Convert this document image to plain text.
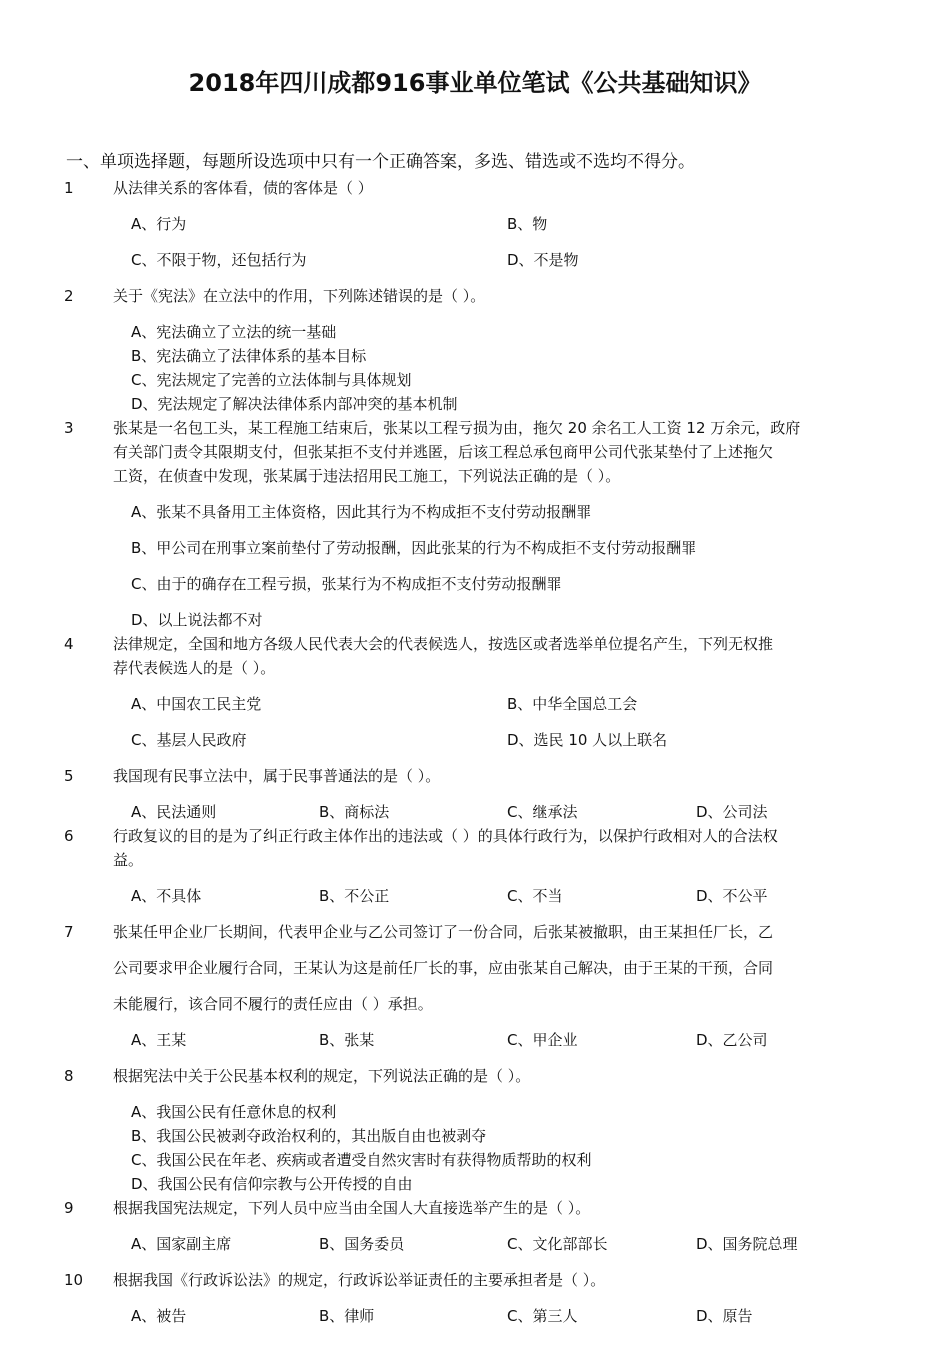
2018年四川成都916事业单位笔试《公共基础知识》
一、单项选择题，每题所设选项中只有一个正确答案，多选、错选或不选均不得分。
1	从法律关系的客体看，债的客体是（ ）
A、行为	B、物
C、不限于物，还包括行为	D、不是物
2	关于《宪法》在立法中的作用，下列陈述错误的是（ ）。
A、宪法确立了立法的统一基础
B、宪法确立了法律体系的基本目标
C、宪法规定了完善的立法体制与具体规划
D、宪法规定了解决法律体系内部冲突的基本机制
3	张某是一名包工头，某工程施工结束后，张某以工程亏损为由，拖欠 20 余名工人工资 12 万余元，政府
有关部门责令其限期支付，但张某拒不支付并逃匿，后该工程总承包商甲公司代张某垫付了上述拖欠
工资，在侦查中发现，张某属于违法招用民工施工，下列说法正确的是（ ）。
A、张某不具备用工主体资格，因此其行为不构成拒不支付劳动报酬罪
B、甲公司在刑事立案前垫付了劳动报酬，因此张某的行为不构成拒不支付劳动报酬罪
C、由于的确存在工程亏损，张某行为不构成拒不支付劳动报酬罪
D、以上说法都不对
4	法律规定，全国和地方各级人民代表大会的代表候选人，按选区或者选举单位提名产生，下列无权推
荐代表候选人的是（ ）。
A、中国农工民主党	B、中华全国总工会
C、基层人民政府	D、选民 10 人以上联名
5	我国现有民事立法中，属于民事普通法的是（ ）。
A、民法通则	B、商标法	C、继承法	D、公司法
6	行政复议的目的是为了纠正行政主体作出的违法或（ ）的具体行政行为，以保护行政相对人的合法权
益。
A、不具体	B、不公正	C、不当	D、不公平
7	张某任甲企业厂长期间，代表甲企业与乙公司签订了一份合同，后张某被撤职，由王某担任厂长，乙
公司要求甲企业履行合同，王某认为这是前任厂长的事，应由张某自己解决，由于王某的干预，合同
未能履行，该合同不履行的责任应由（ ）承担。
A、王某	B、张某	C、甲企业	D、乙公司
8	根据宪法中关于公民基本权利的规定，下列说法正确的是（ ）。
A、我国公民有任意休息的权利
B、我国公民被剥夺政治权利的，其出版自由也被剥夺
C、我国公民在年老、疾病或者遭受自然灾害时有获得物质帮助的权利
D、我国公民有信仰宗教与公开传授的自由
9	根据我国宪法规定，下列人员中应当由全国人大直接选举产生的是（ ）。
A、国家副主席	B、国务委员	C、文化部部长	D、国务院总理
10 根据我国《行政诉讼法》的规定，行政诉讼举证责任的主要承担者是（ ）。
A、被告	B、律师	C、第三人	D、原告
